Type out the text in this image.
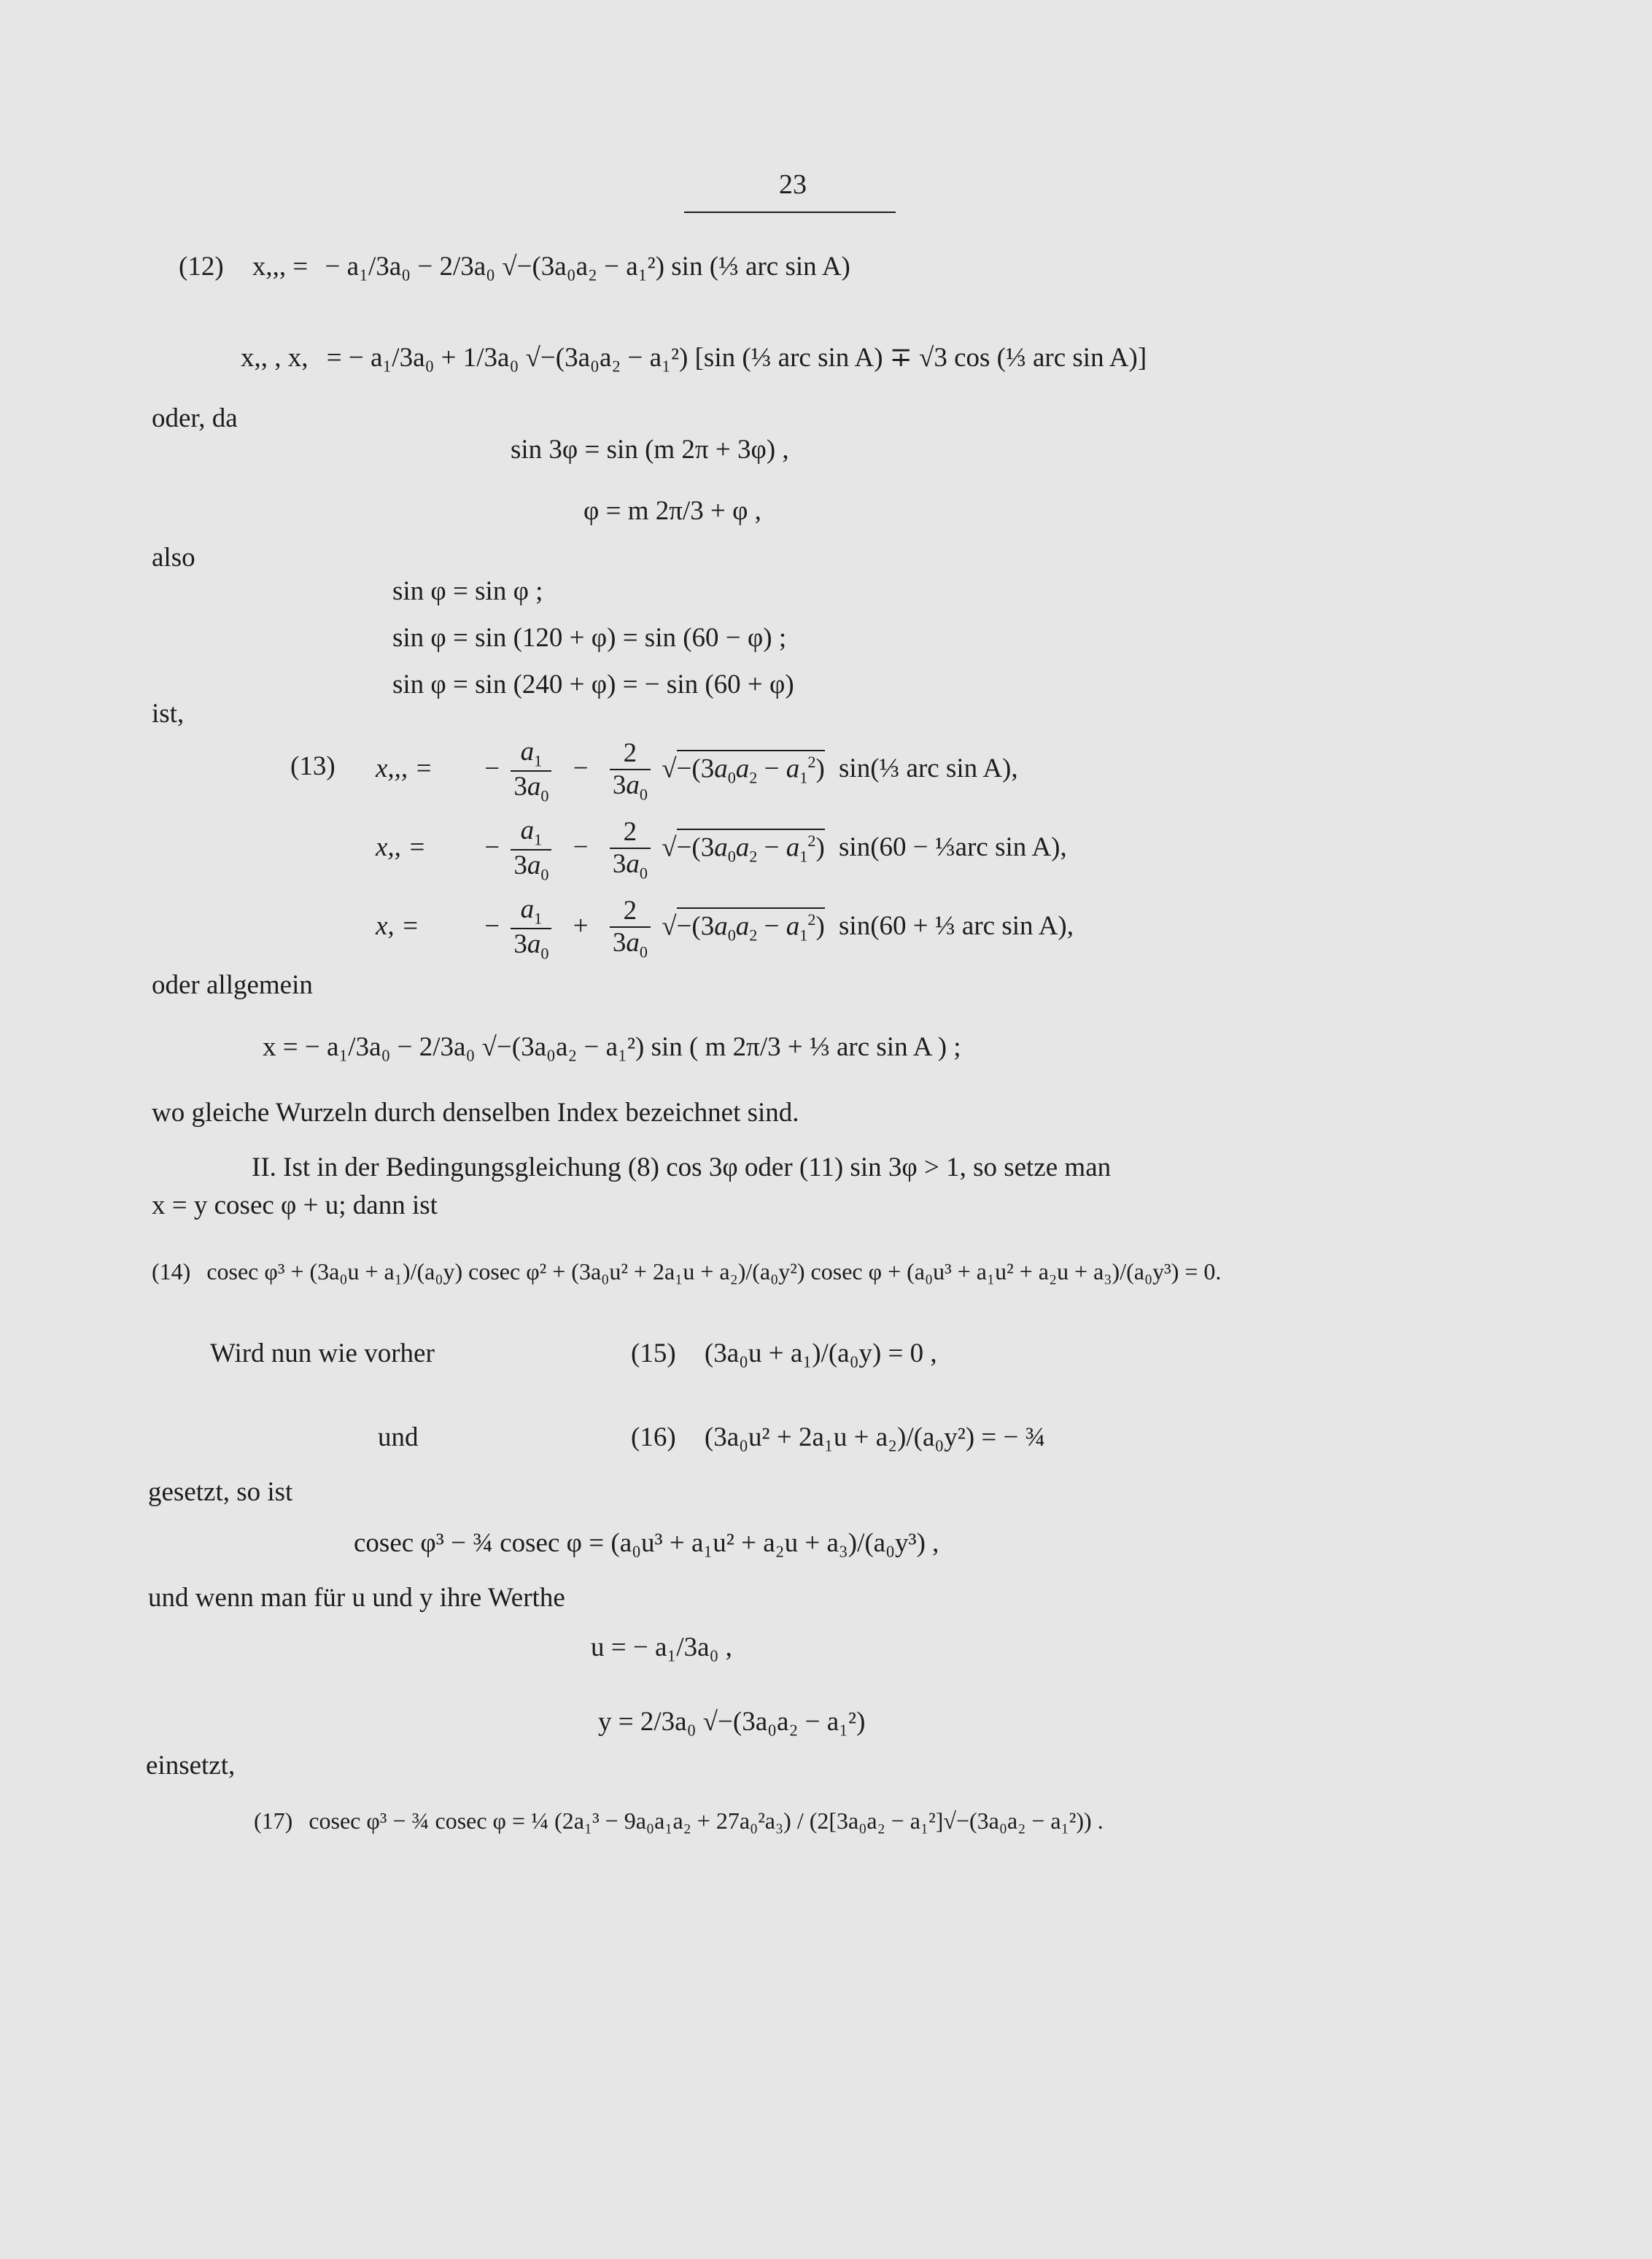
23
(12) x,,, = − a₁/3a₀ − 2/3a₀ √−(3a₀a₂ − a₁²) sin (⅓ arc sin A)
x,, , x, = − a₁/3a₀ + 1/3a₀ √−(3a₀a₂ − a₁²) [sin (⅓ arc sin A) ∓ √3 cos (⅓ arc sin A)]
oder, da
sin 3φ = sin (m 2π + 3φ) ,
φ = m 2π/3 + φ ,
also
sin φ = sin φ ;
sin φ = sin (120 + φ) = sin (60 − φ) ;
sin φ = sin (240 + φ) = − sin (60 + φ)
ist,
(13) x,,, = − $\frac{a_1}{3a_0} - \frac{2}{3a_0} √-(3a_0a_2 - a_1^2)$ sin(⅓ arc sin A),
x,, = − $\frac{a_1}{3a_0} - \frac{2}{3a_0} √-(3a_0a_2 - a_1^2) \sin(60$ − ⅓arc sin A),
x, = − $\frac{a_1}{3a_0} + \frac{2}{3a_0} √-(3a_0a_2 - a_1^2) \sin(60$ + ⅓ arc sin A),
oder allgemein
x = − a₁/3a₀ − 2/3a₀ √−(3a₀a₂ − a₁²) sin ( m 2π/3 + ⅓ arc sin A ) ;
wo gleiche Wurzeln durch denselben Index bezeichnet sind.
II. Ist in der Bedingungsgleichung (8) cos 3φ oder (11) sin 3φ > 1, so setze man
x = y cosec φ + u; dann ist
(14) cosec φ³ + (3a₀u + a₁)/(a₀y) cosec φ² + (3a₀u² + 2a₁u + a₂)/(a₀y²) cosec φ + (a₀u³ + a₁u² + a₂u + a₃)/(a₀y³) = 0.
Wird nun wie vorher	(15) (3a₀u + a₁)/(a₀y) = 0 ,
und	(16) (3a₀u² + 2a₁u + a₂)/(a₀y²) = − ¾
gesetzt, so ist
cosec φ³ − ¾ cosec φ = (a₀u³ + a₁u² + a₂u + a₃)/(a₀y³) ,
und wenn man für u und y ihre Werthe
u = − a₁/3a₀ ,
y = 2/3a₀ √−(3a₀a₂ − a₁²)
einsetzt,
(17) cosec φ³ − ¾ cosec φ = ¼ (2a₁³ − 9a₀a₁a₂ + 27a₀²a₃) / (2[3a₀a₂ − a₁²]√−(3a₀a₂ − a₁²)) .
